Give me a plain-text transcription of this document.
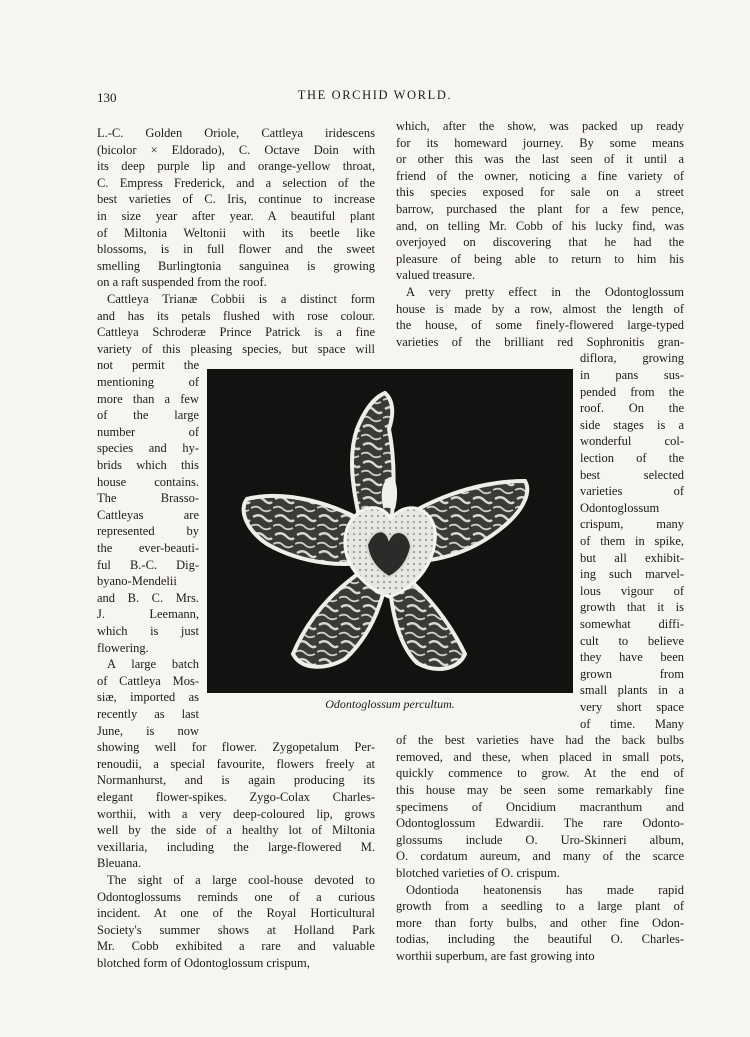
130	THE ORCHID WORLD.
L.-C. Golden Oriole, Cattleya iridescens
(bicolor × Eldorado), C. Octave Doin with
its deep purple lip and orange-yellow throat,
C. Empress Frederick, and a selection of the
best varieties of C. Iris, continue to increase
in size year after year. A beautiful plant
of Miltonia Weltonii with its beetle like
blossoms, is in full flower and the sweet
smelling Burlingtonia sanguinea is growing
on a raft suspended from the roof.
Cattleya Trianæ Cobbii is a distinct form
and has its petals flushed with rose colour.
Cattleya Schroderæ Prince Patrick is a fine
variety of this pleasing species, but space will
not permit the
mentioning of
more than a few
of the large
number of
species and hy-
brids which this
house contains.
The Brasso-
Cattleyas are
represented by
the ever-beauti-
ful B.-C. Dig-
byano-Mendelii
and B. C. Mrs.
J. Leemann,
which is just
flowering.
A large batch
of Cattleya Mos-
siæ, imported as
recently as last
June, is now
showing well for flower. Zygopetalum Per-
renoudii, a special favourite, flowers freely at
Normanhurst, and is again producing its
elegant flower-spikes. Zygo-Colax Charles-
worthii, with a very deep-coloured lip, grows
well by the side of a healthy lot of Miltonia
vexillaria, including the large-flowered M.
Bleuana.
The sight of a large cool-house devoted to
Odontoglossums reminds one of a curious
incident. At one of the Royal Horticultural
Society's summer shows at Holland Park
Mr. Cobb exhibited a rare and valuable
blotched form of Odontoglossum crispum,
which, after the show, was packed up ready
for its homeward journey. By some means
or other this was the last seen of it until a
friend of the owner, noticing a fine variety of
this species exposed for sale on a street
barrow, purchased the plant for a few pence,
and, on telling Mr. Cobb of his lucky find, was
overjoyed on discovering that he had the
pleasure of being able to return to him his
valued treasure.
A very pretty effect in the Odontoglossum
house is made by a row, almost the length of
the house, of some finely-flowered large-typed
varieties of the brilliant red Sophronitis gran-
diflora, growing
in pans sus-
pended from the
roof. On the
side stages is a
wonderful col-
lection of the
best selected
varieties of
Odontoglossum
crispum, many
of them in spike,
but all exhibit-
ing such marvel-
lous vigour of
growth that it is
somewhat diffi-
cult to believe
they have been
grown from
small plants in a
very short space
of time. Many
of the best varieties have had the back bulbs
removed, and these, when placed in small pots,
quickly commence to grow. At the end of
this house may be seen some remarkably fine
specimens of Oncidium macranthum and
Odontoglossum Edwardii. The rare Odonto-
glossums include O. Uro-Skinneri album,
O. cordatum aureum, and many of the scarce
blotched varieties of O. crispum.
Odontioda heatonensis has made rapid
growth from a seedling to a large plant of
more than forty bulbs, and other fine Odon-
todias, including the beautiful O. Charles-
worthii superbum, are fast growing into
Odontoglossum percultum.
